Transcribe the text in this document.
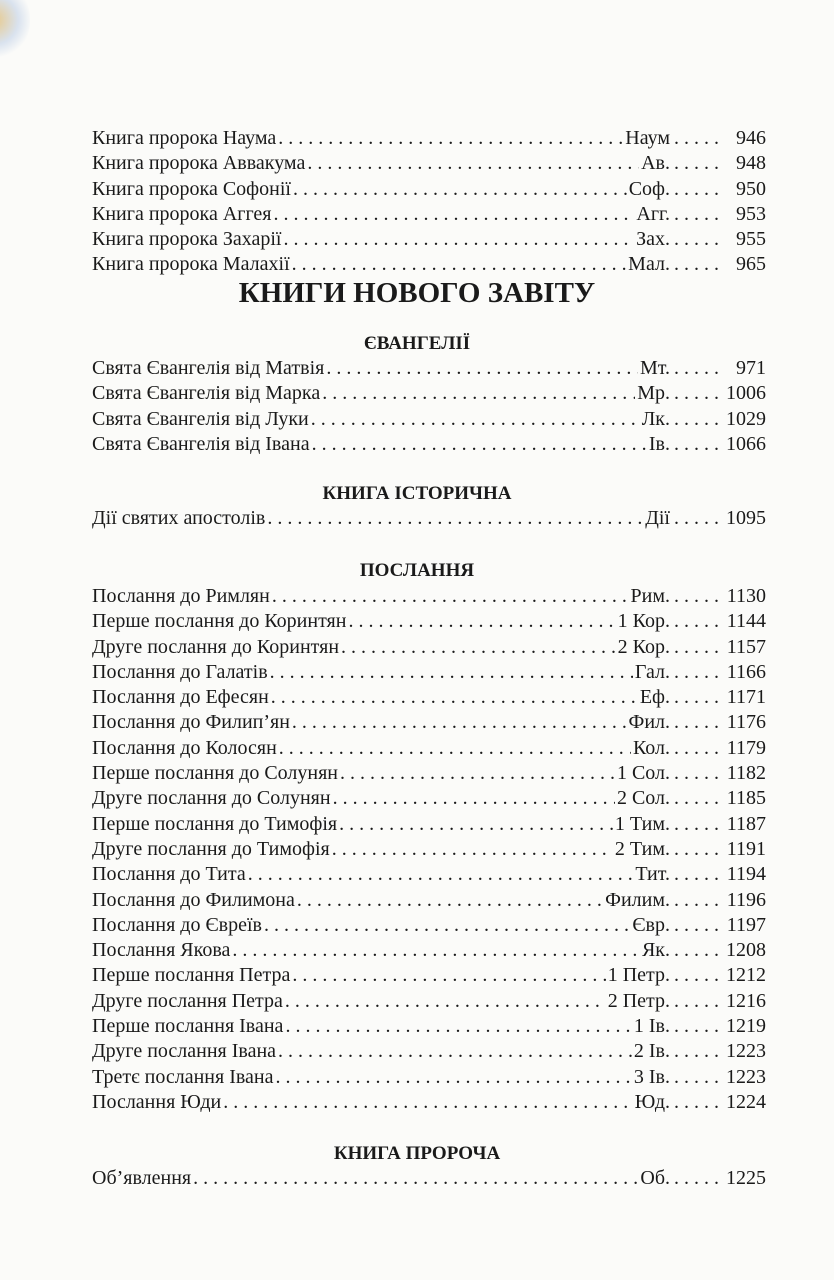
Книга пророка Наума . . .	Наум . . .	946
Книга пророка Аввакума . . .	Ав. . . .	948
Книга пророка Софонії . . .	Соф. . . .	950
Книга пророка Аггея . . .	Агг. . . .	953
Книга пророка Захарії . . .	Зах. . . .	955
Книга пророка Малахії . . .	Мал. . . .	965
КНИГИ НОВОГО ЗАВІТУ
ЄВАНГЕЛІЇ
Свята Євангелія від Матвія . . .	Мт. . . .	971
Свята Євангелія від Марка . . .	Мр. . . .	1006
Свята Євангелія від Луки . . .	Лк. . . .	1029
Свята Євангелія від Івана . . .	Ів. . . .	1066
КНИГА ІСТОРИЧНА
Дії святих апостолів . . .	Дії . . .	1095
ПОСЛАННЯ
Послання до Римлян . . .	Рим. . . .	1130
Перше послання до Коринтян . . .	1 Кор. . . .	1144
Друге послання до Коринтян . . .	2 Кор. . . .	1157
Послання до Галатів . . .	Гал. . . .	1166
Послання до Ефесян . . .	Еф. . . .	1171
Послання до Филип’ян . . .	Фил. . . .	1176
Послання до Колосян . . .	Кол. . . .	1179
Перше послання до Солунян . . .	1 Сол. . . .	1182
Друге послання до Солунян . . .	2 Сол. . . .	1185
Перше послання до Тимофія . . .	1 Тим. . . .	1187
Друге послання до Тимофія . . .	2 Тим. . . .	1191
Послання до Тита . . .	Тит. . . .	1194
Послання до Филимона . . .	Филим. . . .	1196
Послання до Євреїв . . .	Євр. . . .	1197
Послання Якова . . .	Як. . . .	1208
Перше послання Петра . . .	1 Петр. . . .	1212
Друге послання Петра . . .	2 Петр. . . .	1216
Перше послання Івана . . .	1 Ів. . . .	1219
Друге послання Івана . . .	2 Ів. . . .	1223
Третє послання Івана . . .	3 Ів. . . .	1223
Послання Юди . . .	Юд. . . .	1224
КНИГА ПРОРОЧА
Об’явлення . . .	Об. . . .	1225
